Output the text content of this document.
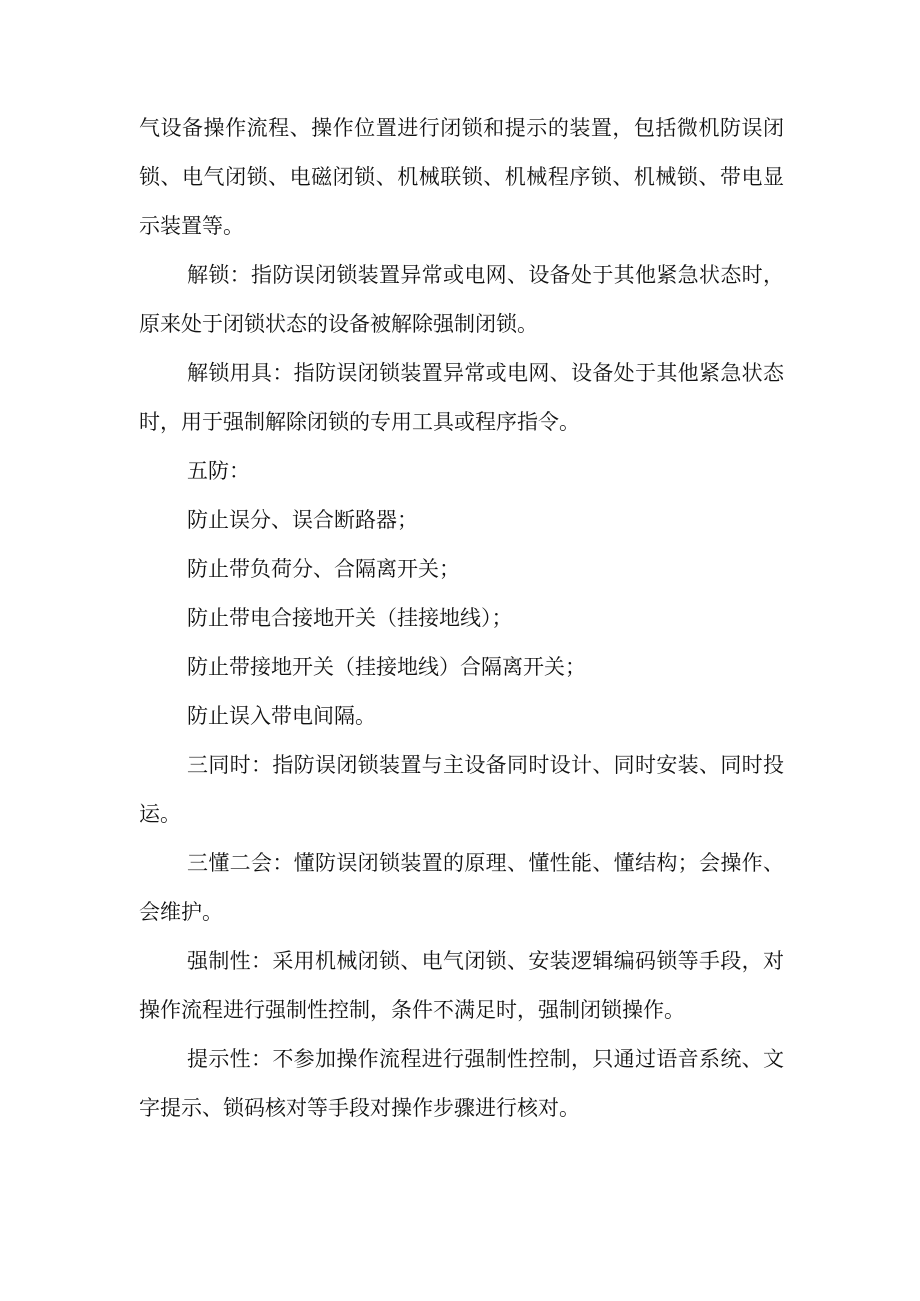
气设备操作流程、操作位置进行闭锁和提示的装置，包括微机防误闭锁、电气闭锁、电磁闭锁、机械联锁、机械程序锁、机械锁、带电显示装置等。

解锁：指防误闭锁装置异常或电网、设备处于其他紧急状态时，原来处于闭锁状态的设备被解除强制闭锁。

解锁用具：指防误闭锁装置异常或电网、设备处于其他紧急状态时，用于强制解除闭锁的专用工具或程序指令。

五防：

防止误分、误合断路器；

防止带负荷分、合隔离开关；

防止带电合接地开关（挂接地线）；

防止带接地开关（挂接地线）合隔离开关；

防止误入带电间隔。

三同时：指防误闭锁装置与主设备同时设计、同时安装、同时投运。

三懂二会：懂防误闭锁装置的原理、懂性能、懂结构；会操作、会维护。

强制性：采用机械闭锁、电气闭锁、安装逻辑编码锁等手段，对操作流程进行强制性控制，条件不满足时，强制闭锁操作。

提示性：不参加操作流程进行强制性控制，只通过语音系统、文字提示、锁码核对等手段对操作步骤进行核对。
